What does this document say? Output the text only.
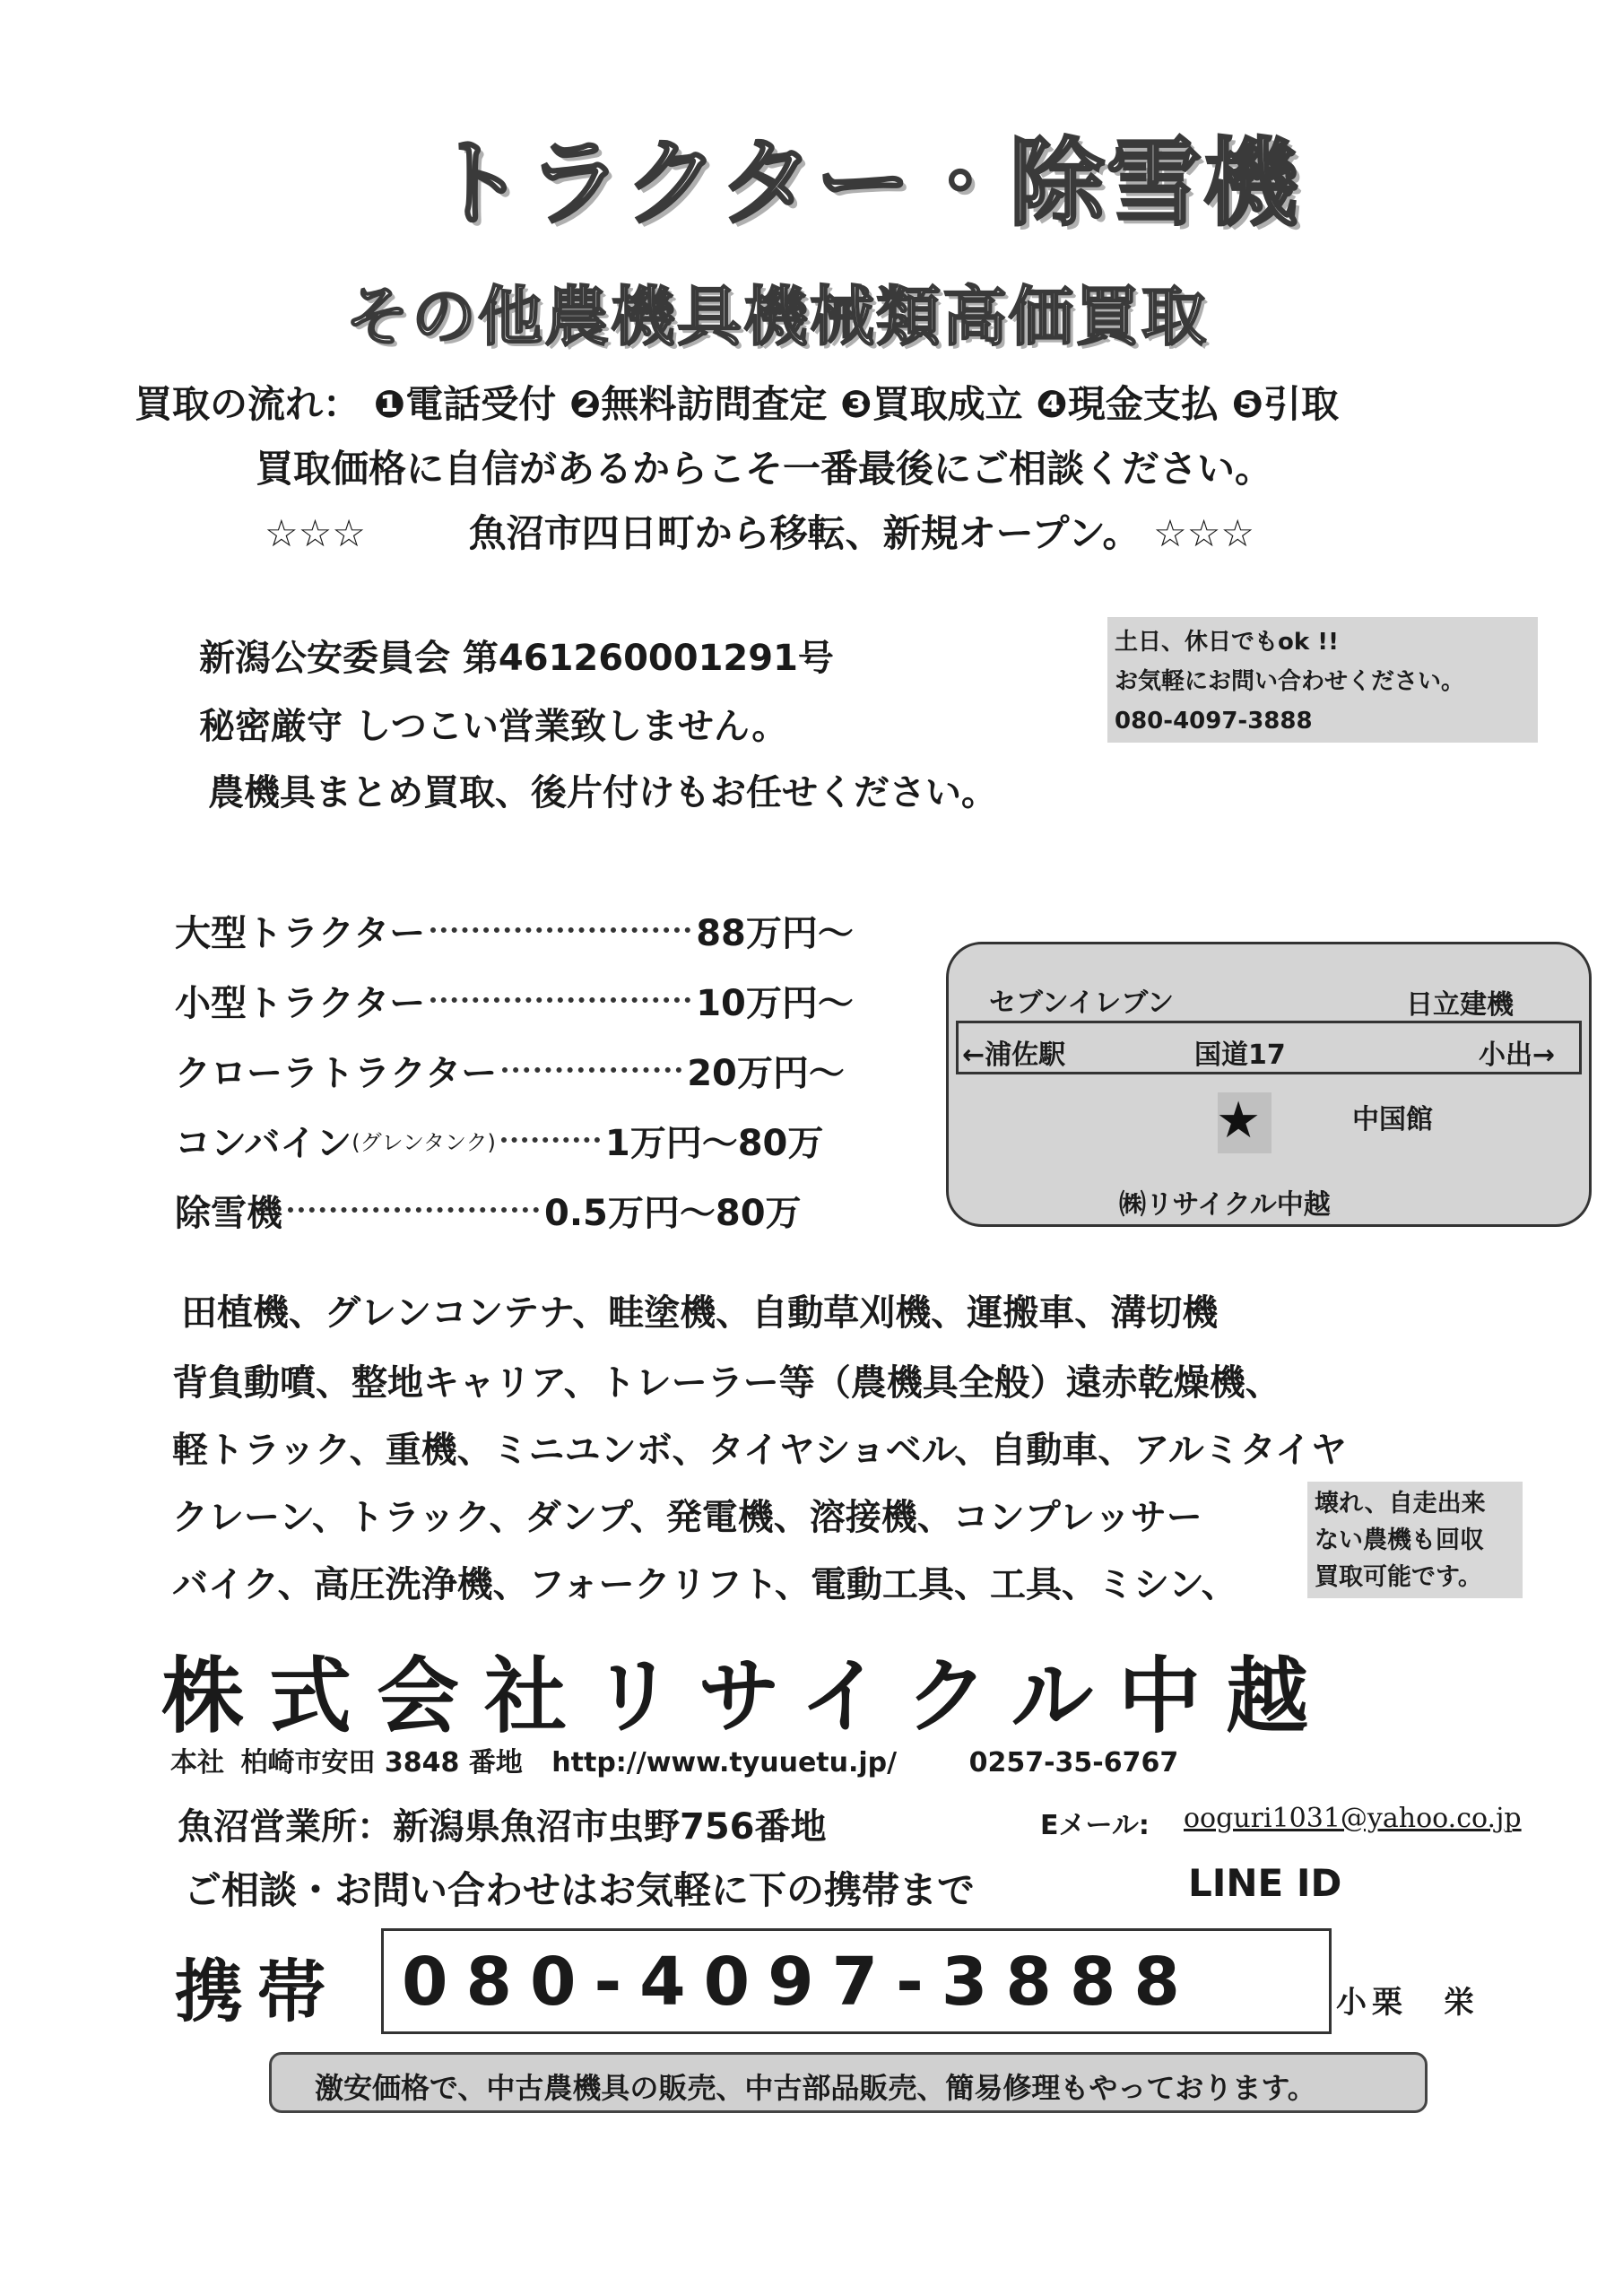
トラクター・除雪機
その他農機具機械類高価買取
買取の流れ： ❶電話受付 ❷無料訪問査定 ❸買取成立 ❹現金支払 ❺引取
買取価格に自信があるからこそ一番最後にご相談ください。
☆☆☆	魚沼市四日町から移転、新規オープン。 ☆☆☆
新潟公安委員会 第461260001291号
秘密厳守 しつこい営業致しません。
農機具まとめ買取、後片付けもお任せください。
土日、休日でもok !!
お気軽にお問い合わせください。
080-4097-3888
大型トラクター	88万円～
小型トラクター	10万円～
クローラトラクター	20万円～
コンバイン (グレンタンク)	1万円～80万
除雪機	0.5万円～80万
セブンイレブン	日立建機
←浦佐駅	国道17	小出→
★	中国館
㈱リサイクル中越
田植機、グレンコンテナ、畦塗機、自動草刈機、運搬車、溝切機
背負動噴、整地キャリア、トレーラー等（農機具全般）遠赤乾燥機、
軽トラック、重機、ミニユンボ、タイヤショベル、自動車、アルミタイヤ
クレーン、トラック、ダンプ、発電機、溶接機、コンプレッサー
バイク、高圧洗浄機、フォークリフト、電動工具、工具、ミシン、
壊れ、自走出来
ない農機も回収
買取可能です。
株式会社リサイクル中越
本社 柏崎市安田 3848 番地 http://www.tyuuetu.jp/	0257-35-6767
魚沼営業所：新潟県魚沼市虫野756番地	Eメール: ooguri1031@yahoo.co.jp
ご相談・お問い合わせはお気軽に下の携帯まで	LINE ID
携帯 080-4097-3888	小栗　栄
激安価格で、中古農機具の販売、中古部品販売、簡易修理もやっております。
